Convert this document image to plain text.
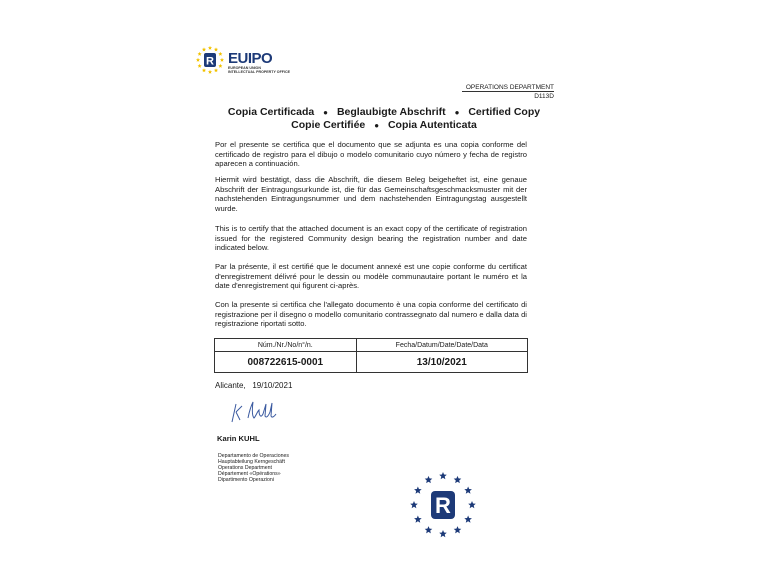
R EUIPO
EUROPEAN UNION
INTELLECTUAL PROPERTY OFFICE
OPERATIONS DEPARTMENT
D113D
Copia Certificada ● Beglaubigte Abschrift ● Certified Copy
Copie Certifiée ● Copia Autenticata
Por el presente se certifica que el documento que se adjunta es una copia conforme del certificado de registro para el dibujo o modelo comunitario cuyo número y fecha de registro aparecen a continuación.
Hiermit wird bestätigt, dass die Abschrift, die diesem Beleg beigeheftet ist, eine genaue Abschrift der Eintragungsurkunde ist, die für das Gemeinschaftsgeschmacksmuster mit der nachstehenden Eintragungsnummer und dem nachstehenden Eintragungstag ausgestellt wurde.
This is to certify that the attached document is an exact copy of the certificate of registration issued for the registered Community design bearing the registration number and date indicated below.
Par la présente, il est certifié que le document annexé est une copie conforme du certificat d'enregistrement délivré pour le dessin ou modèle communautaire portant le numéro et la date d'enregistrement qui figurent ci-après.
Con la presente si certifica che l'allegato documento è una copia conforme del certificato di registrazione per il disegno o modello comunitario contrassegnato dal numero e dalla data di registrazione riportati sotto.
Núm./Nr./No/n°/n.	Fecha/Datum/Date/Date/Data
008722615-0001	13/10/2021
Alicante,   19/10/2021
Karin KUHL
Departamento de Operaciones
Hauptabteilung Kerngeschäft
Operations Department
Département «Opérations»
Dipartimento Operazioni
R
